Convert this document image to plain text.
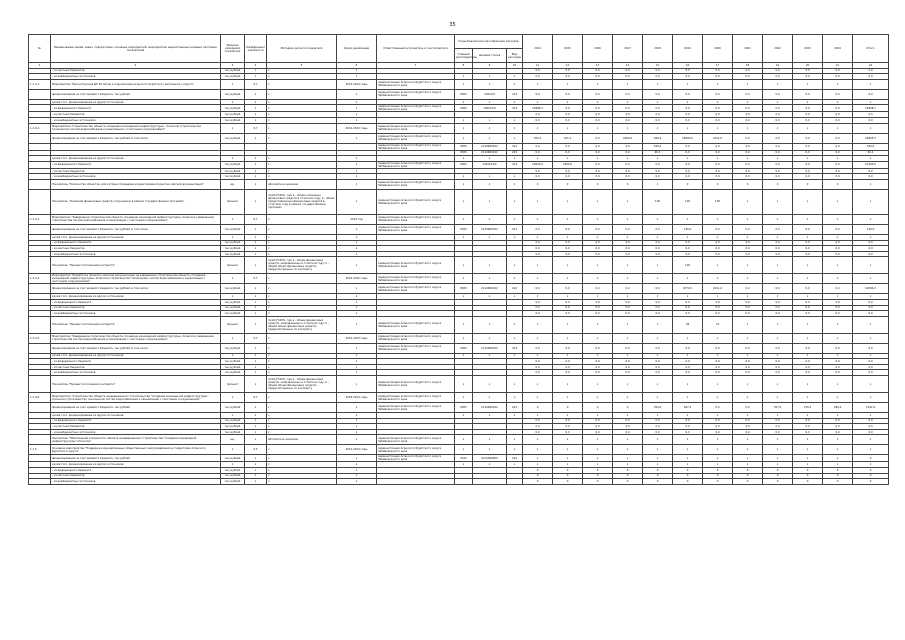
35
№	Наименование целей, задач, подпрограмм, основных мероприятий, мероприятий, ведомственных целевых программ, показателей	Единица измерения показателя	Коэффициент значимости	Методика расчета показателя	Сроки реализации	Ответственный исполнитель и соисполнители	Коды бюджетной классификации расходов			2014	2015	2016	2017	2018	2019	2020	2021	2022	2023	2024	Итого
							Главный распорядитель	Целевая статья	Вид расходов												
1	2	3	4	5	6	7	8	9	10	11	12	13	14	15	16	17	18	19	20	21	22
	- из местных бюджетов	тыс.рублей	х	х	х					0,0	0,0	0,0	0,0	0,0	0,0	0,0	0,0	0,0	0,0	0,0	0,0
	- из внебюджетных источников	тыс.рублей	х	х	х		х	х	х	0,0	0,0	0,0	0,0	0,0	0,0	0,0	0,0	0,0	0,0	0,0	0,0
1.1.4.1.	Мероприятие "Реконструкция ДК 50-летия и подключение Агинского бурятского автономного округа"	х	0,7	х	2014-2024 годы	Администрация Агинского Бурятского округа Забайкальского края	х	х	х	х	х	х	х	х	х	х	х	х	х	х	х
	финансирование за счет краевого бюджета, тыс.рублей	тыс.рублей	х	х	х	Администрация Агинского Бурятского округа Забайкальского края	0503	14021/0	414	6,0	0,0	0,0	0,0	0,0	0,0	0,0	0,0	0,0	0,0	0,0	6,0
	кроме того, финансирование из других источников:	х	х	х	х		х	х	х	х	х	х	х	х	х	х	х	х	х	х	х
	- из федерального бюджета	тыс.рублей	х	х	х	Администрация Агинского Бурятского округа Забайкальского края	0502	140521/9	414	14808,7	0,0	0,0	0,0	0,0	0,0	0,0	0,0	0,0	0,0	0,0	14808,7
	- из местных бюджетов	тыс.рублей	х	х	х					0,0	0,0	0,0	0,0	0,0	0,0	0,0	0,0	0,0	0,0	0,0	0,0
	- из внебюджетных источников	тыс.рублей	х	х	х		х	х	х	0,0	0,0	0,0	0,0	0,0	0,0	0,0	0,0	0,0	0,0	0,0	0,0
1.1.4.2.	Мероприятие "Строительство объекта «Создание инженерной инфраструктуры»" Агинское (строительство технических систем водоснабжения и канализации с очистными сооружениями)"	х	0,7	х	2014-2024 годы	Администрация Агинского Бурятского округа Забайкальского края	х	х	х	х	х	х	х	х	х	х	х	х	х	х	х
	финансирование за счет краевого бюджета, тыс.рублей, в том числе:	тыс.рублей	х	х	х	Администрация Агинского Бурятского округа Забайкальского края	х	х	х	451,5	341,1	0,0	2460,0	940,9	18000,0	2411,0	0,0	0,0	0,0	0,0	24865,3
						Администрация Агинского Бурятского округа Забайкальского края	0505	21104R0102	414	0,0	0,0	0,0	0,0	540,4	0,0	0,0	0,0	0,0	0,0	0,0	540,4
							0505	21104R0102	244	0,0	0,0	0,0	0,0	96,4	0,0	0,0	0,0	0,0	0,0	0,0	96,4
	кроме того, финансирование из других источников:	х	х	х	х		х	х	х	х	х	х	х	х	х	х	х	х	х	х	х
	- из федерального бюджета	тыс.рублей	х	х	х	Администрация Агинского Бурятского округа Забайкальского края	0502	1401521/4	414	16000,0	5360,0	0,0	0,0	0,0	0,0	0,0	0,0	0,0	0,0	0,0	21360,0
	- из местных бюджетов	тыс.рублей	х	х	х					0,0	0,0	0,0	0,0	0,0	0,0	0,0	0,0	0,0	0,0	0,0	0,0
	- из внебюджетных источников	тыс.рублей	х	х	х		х	х	х	0,0	0,0	0,0	0,0	0,0	0,0	0,0	0,0	0,0	0,0	0,0	0,0
	Показатель "Количество объектов, для которых проведена корректировка проектно-сметной документации"	ед.	х	абсолютное значение	х	Администрация Агинского Бурятского округа Забайкальского края	х	х	х	0	0	0	0	1	0	0	0	0	0	0	х
	Показатель "Освоение финансовых средств, полученных в рамках государственных программ"	процент	х	m(a/b)*100%, где a - объем освоенных финансовых средств в отчетном году; b - объем предоставленных финансовых средств в отчетном году в рамках государственных программ	х	Администрация Агинского Бурятского округа Забайкальского края	х	х	х	х	х	х	х	100	100	100	х	х	х	х	х
1.1.4.3.	Мероприятие "Завершение строительства объекта «Создание инженерной инфраструктуры» Агинское (завершение строительства систем водоснабжения и канализации с очистными сооружениями)"	х	0,7	х	2019 год	Администрация Агинского Бурятского округа Забайкальского края	х	х	х	х	х	х	х	х	х	х	х	х	х	х	х
	финансирование за счет краевого бюджета, тыс.рублей, в том числе:	тыс.рублей	х	х	х	Администрация Агинского Бурятского округа Забайкальского края	0505	21104R0102	414	0,0	0,0	0,0	0,0	0,0	136,0	0,0	0,0	0,0	0,0	0,0	136,0
	кроме того, финансирование из других источников:	х	х	х	х		х	х	х	х	х	х	х	х	х	х	х	х	х	х	х
	- из федерального бюджета	тыс.рублей	х	х	х					0,0	0,0	0,0	0,0	0,0	0,0	0,0	0,0	0,0	0,0	0,0	0,0
	- из местных бюджетов	тыс.рублей	х	х	х					0,0	0,0	0,0	0,0	0,0	0,0	0,0	0,0	0,0	0,0	0,0	0,0
	- из внебюджетных источников	тыс.рублей	х	х	х					0,0	0,0	0,0	0,0	0,0	0,0	0,0	0,0	0,0	0,0	0,0	0,0
	Показатель "Процент исполнения контракта"	процент	х	m(a/b)*100%, где a - объем финансовых средств, направленных в отчетном году; b - общий объем финансовых средств, предусмотренных по контракту	х	Администрация Агинского Бурятского округа Забайкальского края	х	х	х	х	х	х	х	х	100	х	х	х	х	х	х
1.1.4.4.	Мероприятие "Разработка проектно-сметной документации на завершение строительства объекта «Создание инженерной инфраструктуры» Агинское (строительство технических систем водоснабжения и канализации с очистными сооружениями)"	х	0,7	х	2019-2020 годы	Администрация Агинского Бурятского округа Забайкальского края	х	х	х	х	х	х	х	х	х	х	х	х	х	х	х
	финансирование за счет краевого бюджета, тыс.рублей, в том числе:	тыс.рублей	х	х	х	Администрация Агинского Бурятского округа Забайкальского края	0505	21104R0102	414	0,0	0,0	0,0	0,0	0,0	9772,0	2411,0	0,0	0,0	0,0	0,0	14084,0
	кроме того, финансирование из других источников:	х	х	х	х		х	х	х	х	х	х	х	х	х	х	х	х	х	х	х
	- из федерального бюджета	тыс.рублей	х	х	х					0,0	0,0	0,0	0,0	0,0	0,0	0,0	0,0	0,0	0,0	0,0	0,0
	- из местных бюджетов	тыс.рублей	х	х	х					0,0	0,0	0,0	0,0	0,0	0,0	0,0	0,0	0,0	0,0	0,0	0,0
	- из внебюджетных источников	тыс.рублей	х	х	х					0,0	0,0	0,0	0,0	0,0	0,0	0,0	0,0	0,0	0,0	0,0	0,0
	Показатель "Процент исполнения контракта"	процент	х	m(a/b)*100%, где a - объем финансовых средств, направленных в отчетном году; b - общий объем финансовых средств, предусмотренных по контракту	х	Администрация Агинского Бурятского округа Забайкальского края	х	х	х	х	х	х	х	х	28	72	х	х	х	х	х
1.1.4.5.	Мероприятие "Завершение строительства объекта «Создание инженерной инфраструктуры» Агинское (завершение строительства систем водоснабжения и канализации с очистными сооружениями)"	х	0,7	х	2021-2023 годы	Администрация Агинского Бурятского округа Забайкальского края	х	х	х	х	х	х	х	х	х	х	х	х	х	х	х
	финансирование за счет краевого бюджета, тыс.рублей, в том числе:	тыс.рублей	х	х	х	Администрация Агинского Бурятского округа Забайкальского края	0505	21104R0102	414	0,0	0,0	0,0	0,0	0,0	0,0	0,0	0,0	0,0	0,0	0,0	0,0
	кроме того, финансирование из других источников:	х	х	х	х		х	х	х	х	х	х	х	х	х	х	х	х	х	х	х
	- из федерального бюджета	тыс.рублей	х	х	х					0,0	0,0	0,0	0,0	0,0	0,0	0,0	0,0	0,0	0,0	0,0	0,0
	- из местных бюджетов	тыс.рублей	х	х	х					0,0	0,0	0,0	0,0	0,0	0,0	0,0	0,0	0,0	0,0	0,0	0,0
	- из внебюджетных источников	тыс.рублей	х	х	х					0,0	0,0	0,0	0,0	0,0	0,0	0,0	0,0	0,0	0,0	0,0	0,0
	Показатель "Процент исполнения контракта"	процент	х	m(a/b)*100%, где a - объем финансовых средств, направленных в отчетном году; b - общий объем финансовых средств, предусмотренных по контракту	х	Администрация Агинского Бурятского округа Забайкальского края	х	х	х	х	х	х	х	х	х	х	х	х	х	х	х
1.1.4.6.	Мероприятие "Строительство объекта незавершенного строительства "Создание инженерной инфраструктуры" Агинское (строительство технических систем водоснабжения и канализации с очистными сооружениями)"	х	0,7	х	2018-2024 годы	Администрация Агинского Бурятского округа Забайкальского края	х	х	х	х	х	х	х	х	х	х	х	х	х	х	х
	финансирование за счет краевого бюджета, тыс.рублей	тыс.рублей	х	х	х	Администрация Агинского Бурятского округа Забайкальского края	0505	21104R0102	244	0	0	0	0	250,0	847,2	0,0	0,0	357,0	276,5	289,4	1932,9
	кроме того, финансирование из других источников:	х	х	х	х		х	х	х	х	х	х	х	х	х	х	х	х	х	х	х
	- из федерального бюджета	тыс.рублей	х	х	х					0,0	0,0	0,0	0,0	0,0	0,0	0,0	0,0	0,0	0,0	0,0	0,0
	- из местных бюджетов	тыс.рублей	х	х	х					0,0	0,0	0,0	0,0	0,0	0,0	0,0	0,0	0,0	0,0	0,0	0,0
	- из внебюджетных источников	тыс.рублей	х	х	х					0,0	0,0	0,0	0,0	0,0	0,0	0,0	0,0	0,0	0,0	0,0	0,0
	Показатель "Обеспечение сохранности объекта незавершенного строительства "Создание инженерной инфраструктуры" Агинское"	ед.	х	абсолютное значение	х	Администрация Агинского Бурятского округа Забайкальского края	х	х	х	х	х	х	х	1	1	1	1	1	1	1	х
1.1.5.	Основное мероприятие "Поддержка муниципальных общественных самоуправлений на территории Агинского Бурятского округа"	х	0,5	х	2014-2024 годы	Администрация Агинского Бурятского округа Забайкальского края	х	х	х	х	х	х	х	х	х	х	х	х	х	х	х
	финансирование за счет краевого бюджета, тыс.рублей	тыс.рублей	х	х	х	Администрация Агинского Бурятского округа Забайкальского края	0412	2110500000	244	х	х	х	х	х	х	х	х	х	х	х	0
	кроме того, финансирование из других источников:	х	х	х	х		х	х	х	х	х	х	х	х	х	х	х	х	х	х	х
	- из федерального бюджета	тыс.рублей	х	х	х					0	0	0	0	0	0	0	0	0	0	0	0
	- из местных бюджетов	тыс.рублей	х	х	х					0	0	0	0	0	0	0	0	0	0	0	0
	- из внебюджетных источников	тыс.рублей	х	х	х					0	0	0	0	0	0	0	0	0	0	0	0
